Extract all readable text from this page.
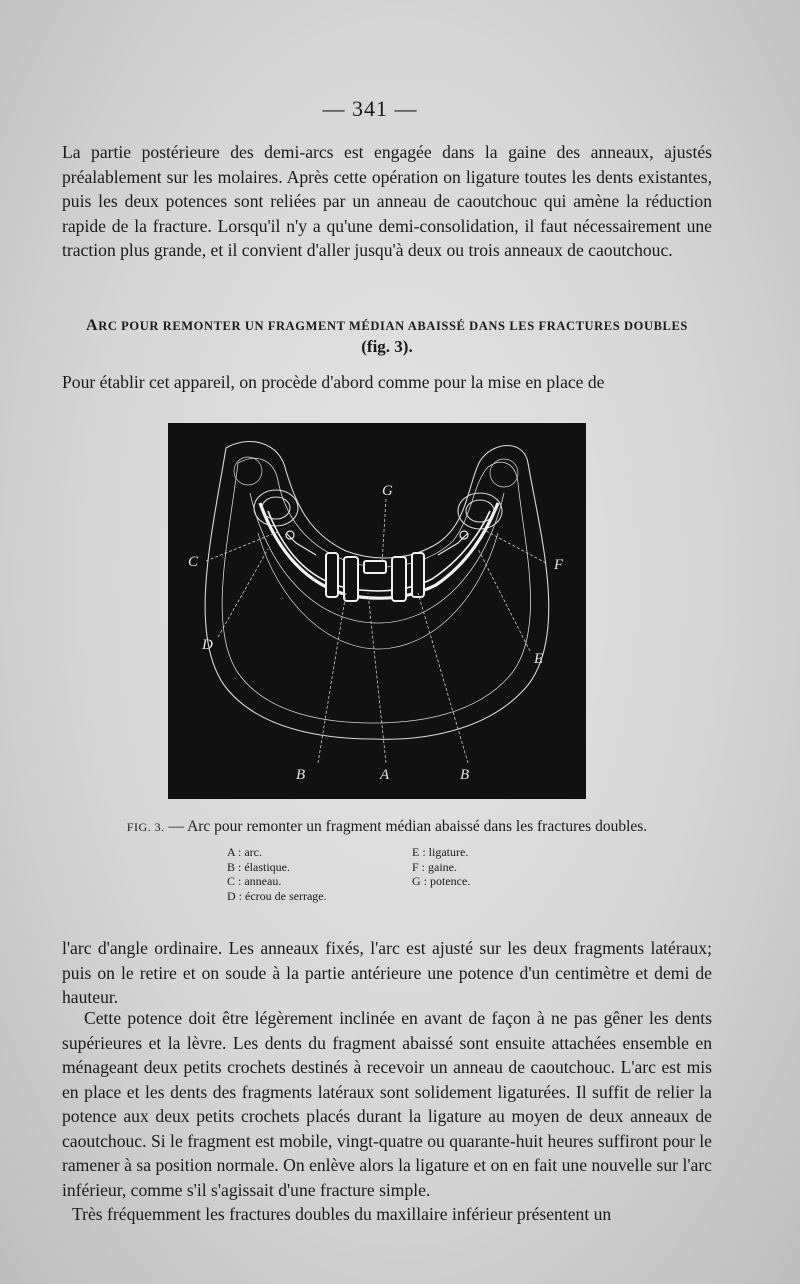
— 341 —

La partie postérieure des demi-arcs est engagée dans la gaine des anneaux, ajustés préalablement sur les molaires. Après cette opération on ligature toutes les dents existantes, puis les deux potences sont reliées par un anneau de caoutchouc qui amène la réduction rapide de la fracture. Lorsqu'il n'y a qu'une demi-consolidation, il faut nécessairement une traction plus grande, et il convient d'aller jusqu'à deux ou trois anneaux de caoutchouc.

ARC POUR REMONTER UN FRAGMENT MÉDIAN ABAISSÉ DANS LES FRACTURES DOUBLES
(fig. 3).

Pour établir cet appareil, on procède d'abord comme pour la mise en place de

G
C	F
D
E
B	A	B
FIG. 3. — Arc pour remonter un fragment médian abaissé dans les fractures doubles.
A : arc.
B : élastique.
C : anneau.
D : écrou de serrage.
E : ligature.
F : gaine.
G : potence.

l'arc d'angle ordinaire. Les anneaux fixés, l'arc est ajusté sur les deux fragments latéraux; puis on le retire et on soude à la partie antérieure une potence d'un centimètre et demi de hauteur.

Cette potence doit être légèrement inclinée en avant de façon à ne pas gêner les dents supérieures et la lèvre. Les dents du fragment abaissé sont ensuite attachées ensemble en ménageant deux petits crochets destinés à recevoir un anneau de caoutchouc. L'arc est mis en place et les dents des fragments latéraux sont solidement ligaturées. Il suffit de relier la potence aux deux petits crochets placés durant la ligature au moyen de deux anneaux de caoutchouc. Si le fragment est mobile, vingt-quatre ou quarante-huit heures suffiront pour le ramener à sa position normale. On enlève alors la ligature et on en fait une nouvelle sur l'arc inférieur, comme s'il s'agissait d'une fracture simple.

Très fréquemment les fractures doubles du maxillaire inférieur présentent un
